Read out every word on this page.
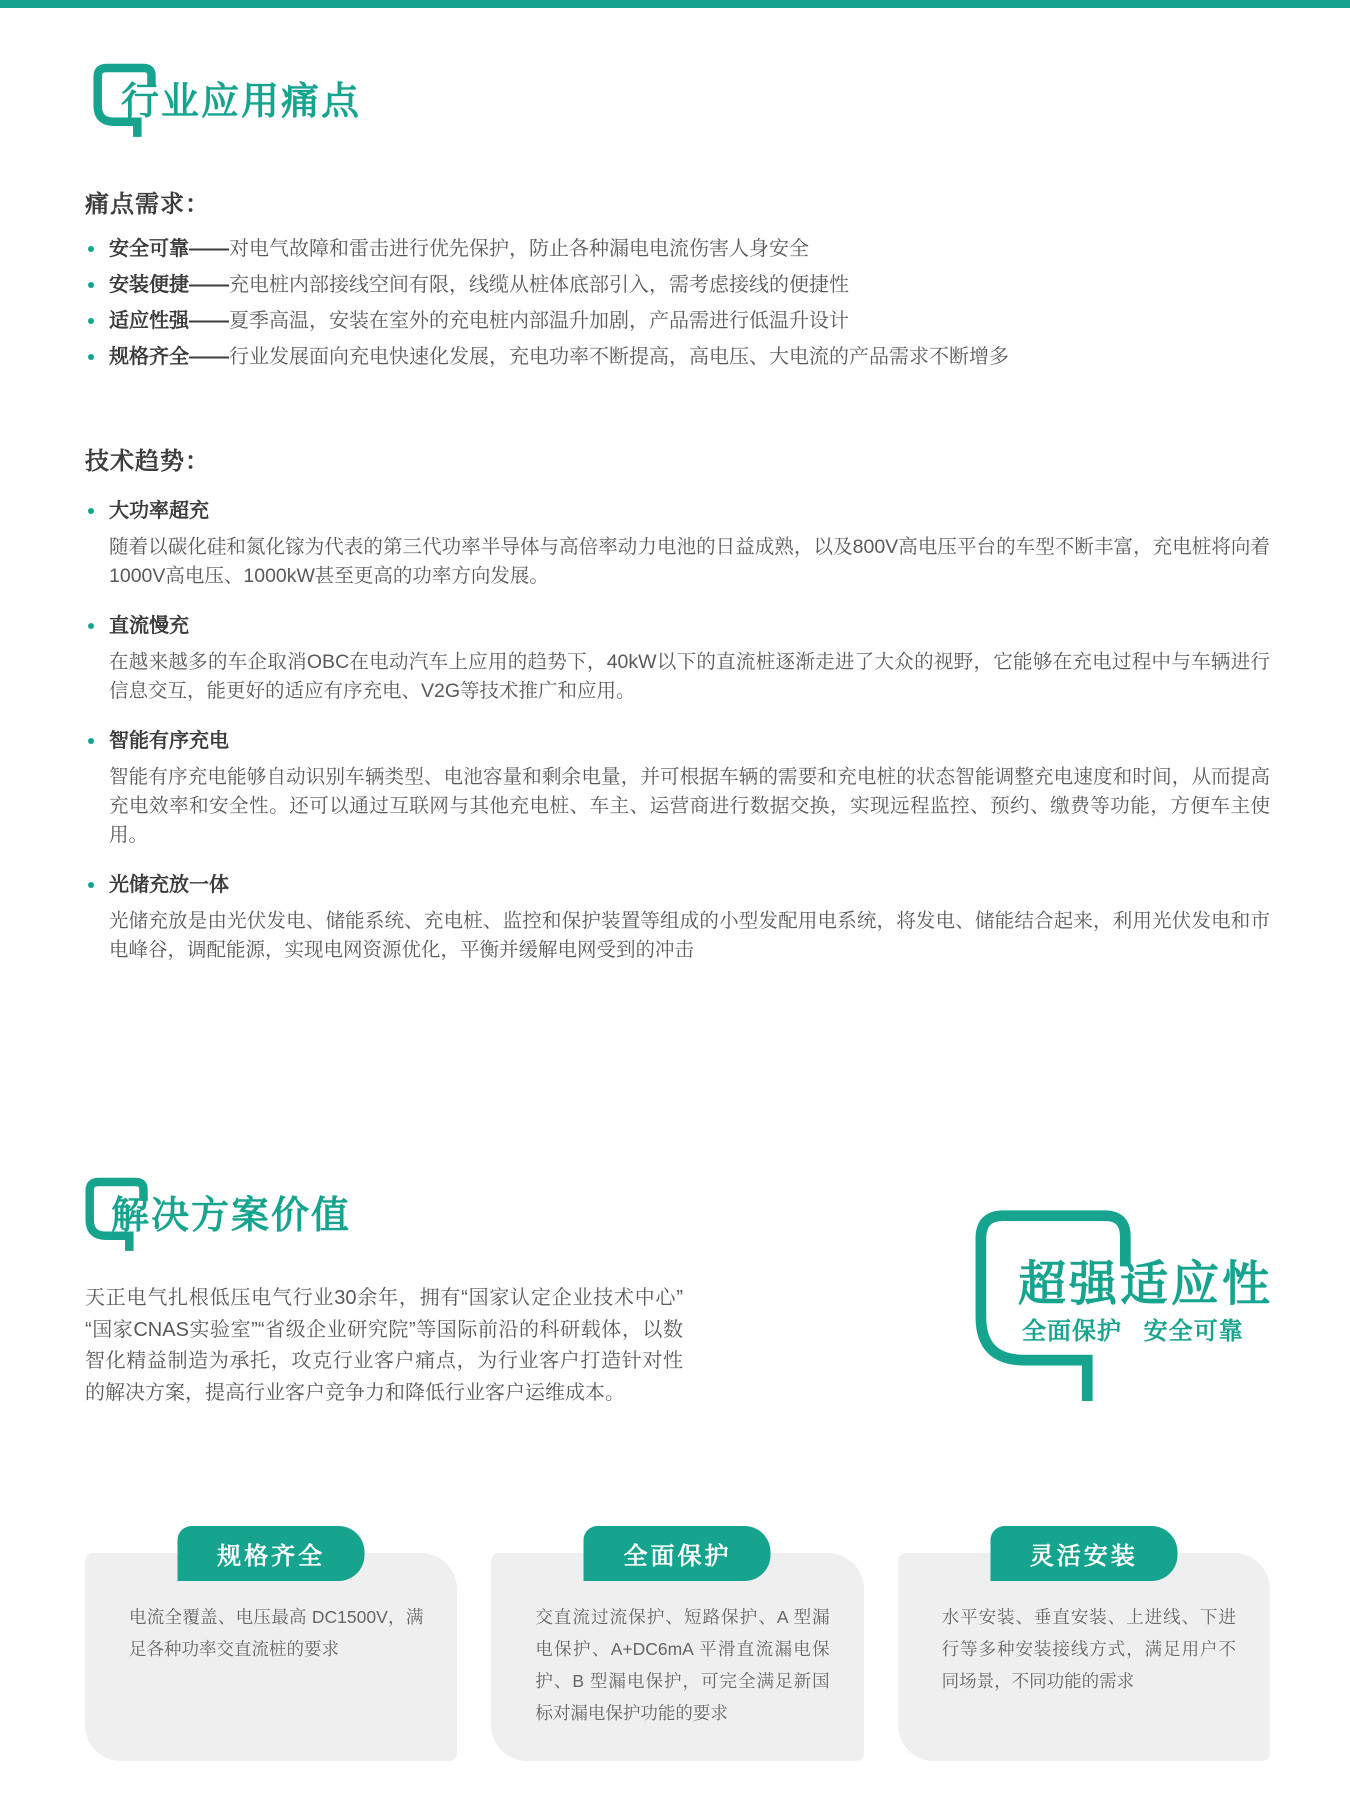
行业应用痛点
痛点需求：
安全可靠——对电气故障和雷击进行优先保护，防止各种漏电电流伤害人身安全
安装便捷——充电桩内部接线空间有限，线缆从桩体底部引入，需考虑接线的便捷性
适应性强——夏季高温，安装在室外的充电桩内部温升加剧，产品需进行低温升设计
规格齐全——行业发展面向充电快速化发展，充电功率不断提高，高电压、大电流的产品需求不断增多
技术趋势：
大功率超充

随着以碳化硅和氮化镓为代表的第三代功率半导体与高倍率动力电池的日益成熟，以及800V高电压平台的车型不断丰富，充电桩将向着1000V高电压、1000kW甚至更高的功率方向发展。

直流慢充

在越来越多的车企取消OBC在电动汽车上应用的趋势下，40kW以下的直流桩逐渐走进了大众的视野，它能够在充电过程中与车辆进行信息交互，能更好的适应有序充电、V2G等技术推广和应用。

智能有序充电

智能有序充电能够自动识别车辆类型、电池容量和剩余电量，并可根据车辆的需要和充电桩的状态智能调整充电速度和时间，从而提高充电效率和安全性。还可以通过互联网与其他充电桩、车主、运营商进行数据交换，实现远程监控、预约、缴费等功能，方便车主使用。

光储充放一体

光储充放是由光伏发电、储能系统、充电桩、监控和保护装置等组成的小型发配用电系统，将发电、储能结合起来，利用光伏发电和市电峰谷，调配能源，实现电网资源优化，平衡并缓解电网受到的冲击

解决方案价值

天正电气扎根低压电气行业30余年，拥有“国家认定企业技术中心”“国家CNAS实验室”“省级企业研究院”等国际前沿的科研载体，以数智化精益制造为承托，攻克行业客户痛点，为行业客户打造针对性的解决方案，提高行业客户竞争力和降低行业客户运维成本。

规格齐全

电流全覆盖、电压最高 DC1500V，满足各种功率交直流桩的要求

全面保护

交直流过流保护、短路保护、A 型漏电保护、A+DC6mA 平滑直流漏电保护、B 型漏电保护，可完全满足新国标对漏电保护功能的要求

灵活安装

水平安装、垂直安装、上进线、下进行等多种安装接线方式，满足用户不同场景，不同功能的需求

超强适应性
全面保护 安全可靠
